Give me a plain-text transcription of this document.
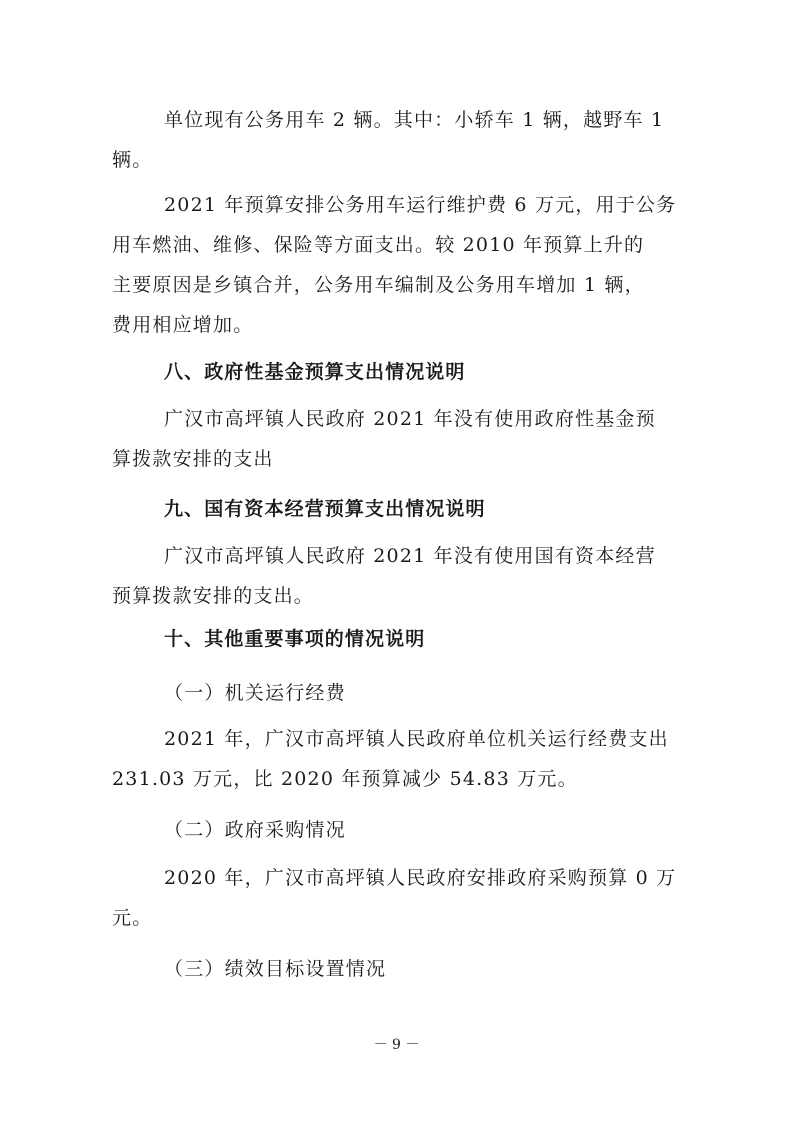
单位现有公务用车 2 辆。其中：小轿车 1 辆，越野车 1
辆。
2021 年预算安排公务用车运行维护费 6 万元，用于公务
用车燃油、维修、保险等方面支出。较 2010 年预算上升的
主要原因是乡镇合并，公务用车编制及公务用车增加 1 辆，
费用相应增加。
八、政府性基金预算支出情况说明
广汉市高坪镇人民政府 2021 年没有使用政府性基金预
算拨款安排的支出
九、国有资本经营预算支出情况说明
广汉市高坪镇人民政府 2021 年没有使用国有资本经营
预算拨款安排的支出。
十、其他重要事项的情况说明
（一）机关运行经费
2021 年，广汉市高坪镇人民政府单位机关运行经费支出
231.03 万元，比 2020 年预算减少 54.83 万元。
（二）政府采购情况
2020 年，广汉市高坪镇人民政府安排政府采购预算 0 万
元。
（三）绩效目标设置情况
－ 9 －
